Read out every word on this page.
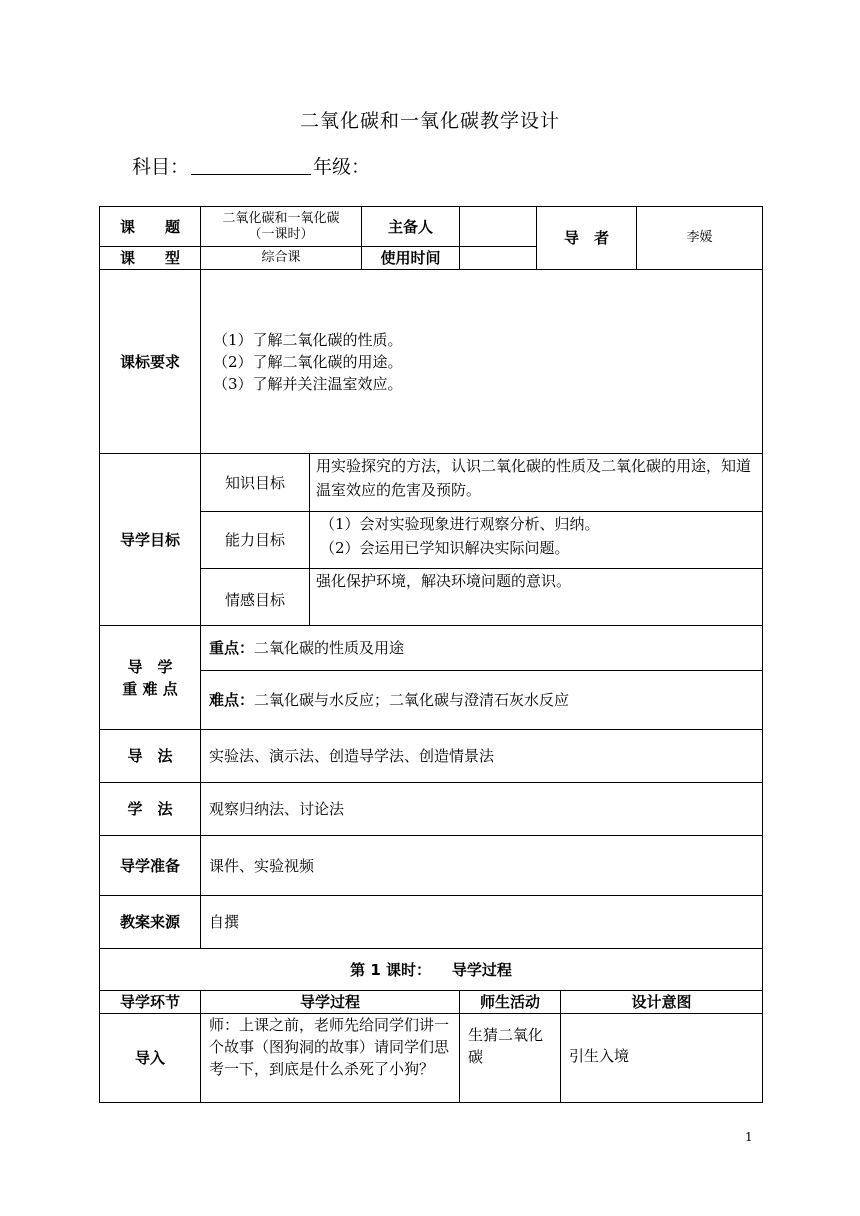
二氧化碳和一氧化碳教学设计
科目：	年级：
课　　题	二氧化碳和一氧化碳
（一课时）		主备人		导　者		李媛
课　　型	综合课		使用时间				
课标要求	（1）了解二氧化碳的性质。
（2）了解二氧化碳的用途。
（3）了解并关注温室效应。						

导学目标	知识目标	用实验探究的方法，认识二氧化碳的性质及二氧化碳的用途，知道温室效应的危害及预防。					
	能力目标	（1）会对实验现象进行观察分析、归纳。
（2）会运用已学知识解决实际问题。					

	情感目标	强化保护环境，解决环境问题的意识。					

导　学
重 难 点	重点：二氧化碳的性质及用途						
	难点：二氧化碳与水反应；二氧化碳与澄清石灰水反应						
导　法	实验法、演示法、创造导学法、创造情景法						
学　法	观察归纳法、讨论法						
导学准备	课件、实验视频						
教案来源	自撰						
第 1 课时： 导学过程							
导学环节	导学过程			师生活动		设计意图	
导入	师：上课之前，老师先给同学们讲一个故事（图狗洞的故事）请同学们思考一下，到底是什么杀死了小狗？			生猜二氧化碳		引生入境	
1
